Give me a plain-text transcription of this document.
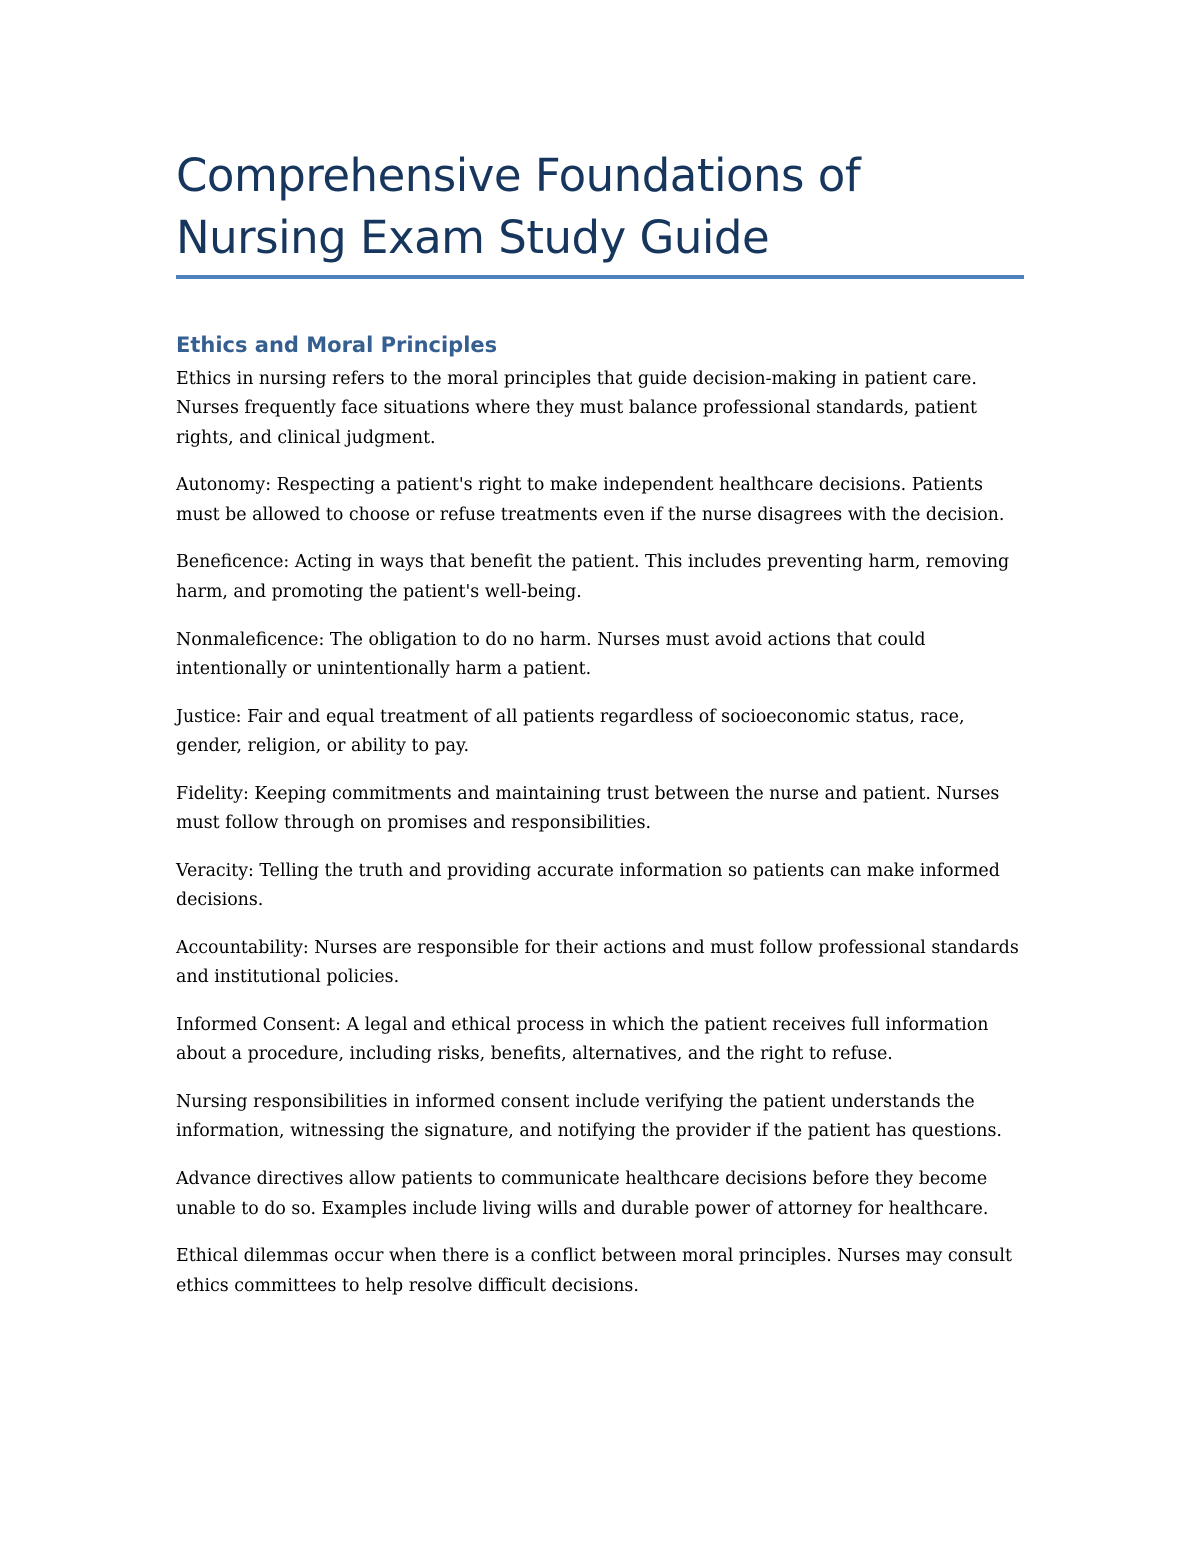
Comprehensive Foundations of Nursing Exam Study Guide
Ethics and Moral Principles

Ethics in nursing refers to the moral principles that guide decision-making in patient care. Nurses frequently face situations where they must balance professional standards, patient rights, and clinical judgment.

Autonomy: Respecting a patient's right to make independent healthcare decisions. Patients must be allowed to choose or refuse treatments even if the nurse disagrees with the decision.

Beneficence: Acting in ways that benefit the patient. This includes preventing harm, removing harm, and promoting the patient's well-being.

Nonmaleficence: The obligation to do no harm. Nurses must avoid actions that could intentionally or unintentionally harm a patient.

Justice: Fair and equal treatment of all patients regardless of socioeconomic status, race, gender, religion, or ability to pay.

Fidelity: Keeping commitments and maintaining trust between the nurse and patient. Nurses must follow through on promises and responsibilities.

Veracity: Telling the truth and providing accurate information so patients can make informed decisions.

Accountability: Nurses are responsible for their actions and must follow professional standards and institutional policies.

Informed Consent: A legal and ethical process in which the patient receives full information about a procedure, including risks, benefits, alternatives, and the right to refuse.

Nursing responsibilities in informed consent include verifying the patient understands the information, witnessing the signature, and notifying the provider if the patient has questions.

Advance directives allow patients to communicate healthcare decisions before they become unable to do so. Examples include living wills and durable power of attorney for healthcare.

Ethical dilemmas occur when there is a conflict between moral principles. Nurses may consult ethics committees to help resolve difficult decisions.
